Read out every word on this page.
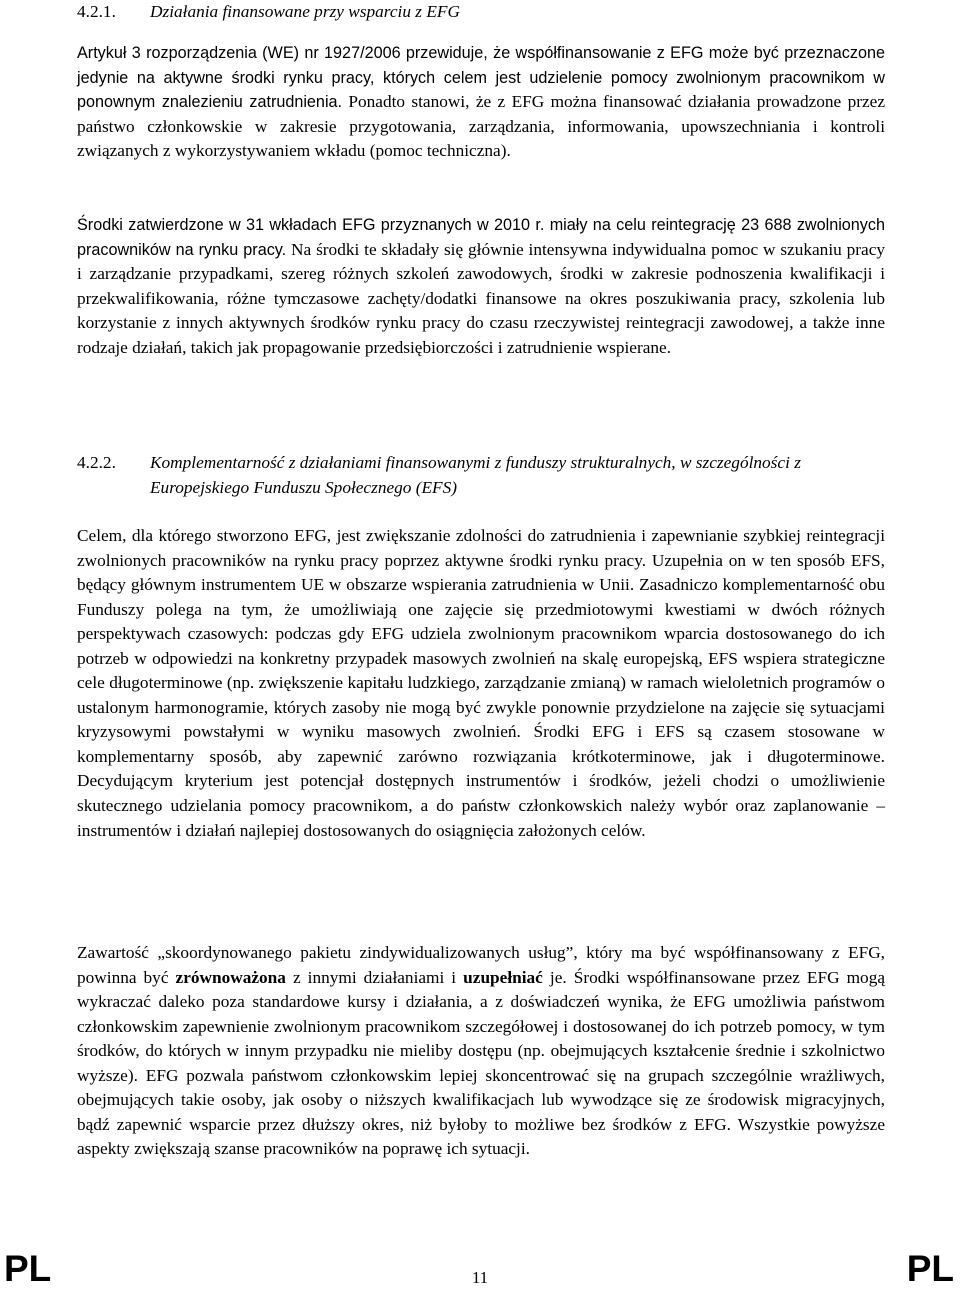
4.2.1. Działania finansowane przy wsparciu z EFG

Artykuł 3 rozporządzenia (WE) nr 1927/2006 przewiduje, że współfinansowanie z EFG może być przeznaczone jedynie na aktywne środki rynku pracy, których celem jest udzielenie pomocy zwolnionym pracownikom w ponownym znalezieniu zatrudnienia. Ponadto stanowi, że z EFG można finansować działania prowadzone przez państwo członkowskie w zakresie przygotowania, zarządzania, informowania, upowszechniania i kontroli związanych z wykorzystywaniem wkładu (pomoc techniczna).

Środki zatwierdzone w 31 wkładach EFG przyznanych w 2010 r. miały na celu reintegrację 23 688 zwolnionych pracowników na rynku pracy. Na środki te składały się głównie intensywna indywidualna pomoc w szukaniu pracy i zarządzanie przypadkami, szereg różnych szkoleń zawodowych, środki w zakresie podnoszenia kwalifikacji i przekwalifikowania, różne tymczasowe zachęty/dodatki finansowe na okres poszukiwania pracy, szkolenia lub korzystanie z innych aktywnych środków rynku pracy do czasu rzeczywistej reintegracji zawodowej, a także inne rodzaje działań, takich jak propagowanie przedsiębiorczości i zatrudnienie wspierane.

4.2.2. Komplementarność z działaniami finansowanymi z funduszy strukturalnych, w szczególności z Europejskiego Funduszu Społecznego (EFS)

Celem, dla którego stworzono EFG, jest zwiększanie zdolności do zatrudnienia i zapewnianie szybkiej reintegracji zwolnionych pracowników na rynku pracy poprzez aktywne środki rynku pracy. Uzupełnia on w ten sposób EFS, będący głównym instrumentem UE w obszarze wspierania zatrudnienia w Unii. Zasadniczo komplementarność obu Funduszy polega na tym, że umożliwiają one zajęcie się przedmiotowymi kwestiami w dwóch różnych perspektywach czasowych: podczas gdy EFG udziela zwolnionym pracownikom wparcia dostosowanego do ich potrzeb w odpowiedzi na konkretny przypadek masowych zwolnień na skalę europejską, EFS wspiera strategiczne cele długoterminowe (np. zwiększenie kapitału ludzkiego, zarządzanie zmianą) w ramach wieloletnich programów o ustalonym harmonogramie, których zasoby nie mogą być zwykle ponownie przydzielone na zajęcie się sytuacjami kryzysowymi powstałymi w wyniku masowych zwolnień. Środki EFG i EFS są czasem stosowane w komplementarny sposób, aby zapewnić zarówno rozwiązania krótkoterminowe, jak i długoterminowe. Decydującym kryterium jest potencjał dostępnych instrumentów i środków, jeżeli chodzi o umożliwienie skutecznego udzielania pomocy pracownikom, a do państw członkowskich należy wybór oraz zaplanowanie – instrumentów i działań najlepiej dostosowanych do osiągnięcia założonych celów.

Zawartość „skoordynowanego pakietu zindywidualizowanych usług”, który ma być współfinansowany z EFG, powinna być zrównoważona z innymi działaniami i uzupełniać je. Środki współfinansowane przez EFG mogą wykraczać daleko poza standardowe kursy i działania, a z doświadczeń wynika, że EFG umożliwia państwom członkowskim zapewnienie zwolnionym pracownikom szczegółowej i dostosowanej do ich potrzeb pomocy, w tym środków, do których w innym przypadku nie mieliby dostępu (np. obejmujących kształcenie średnie i szkolnictwo wyższe). EFG pozwala państwom członkowskim lepiej skoncentrować się na grupach szczególnie wrażliwych, obejmujących takie osoby, jak osoby o niższych kwalifikacjach lub wywodzące się ze środowisk migracyjnych, bądź zapewnić wsparcie przez dłuższy okres, niż byłoby to możliwe bez środków z EFG. Wszystkie powyższe aspekty zwiększają szanse pracowników na poprawę ich sytuacji.

PL	11	PL
